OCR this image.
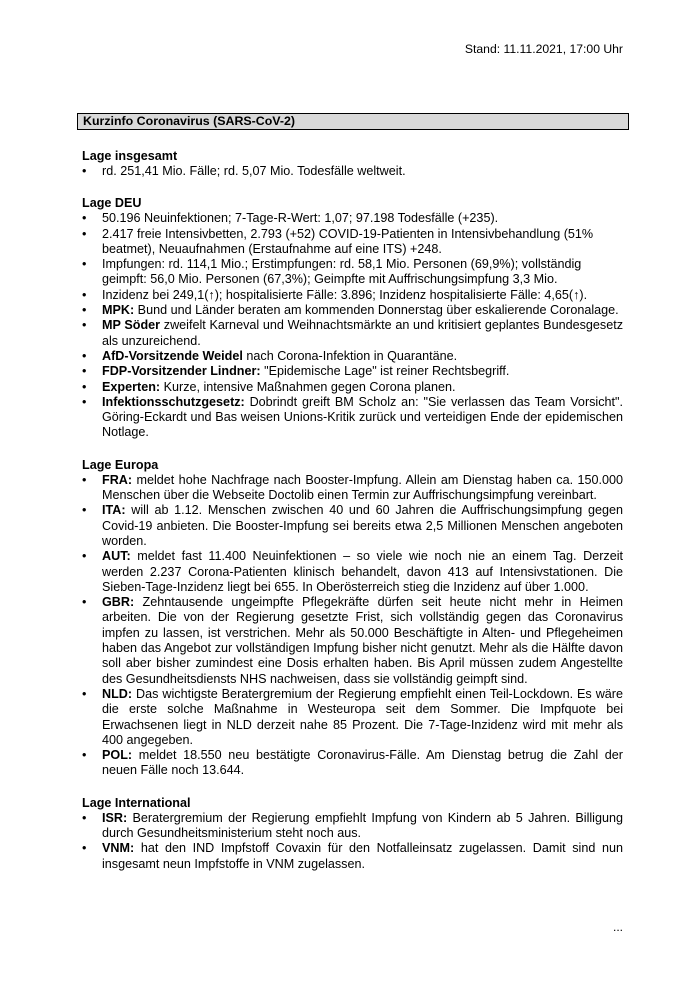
Stand: 11.11.2021, 17:00 Uhr
Kurzinfo Coronavirus (SARS-CoV-2)
Lage insgesamt
• rd. 251,41 Mio. Fälle; rd. 5,07 Mio. Todesfälle weltweit.
Lage DEU
• 50.196 Neuinfektionen; 7-Tage-R-Wert: 1,07; 97.198 Todesfälle (+235).
• 2.417 freie Intensivbetten, 2.793 (+52) COVID-19-Patienten in Intensivbehandlung (51% beatmet), Neuaufnahmen (Erstaufnahme auf eine ITS) +248.
• Impfungen: rd. 114,1 Mio.; Erstimpfungen: rd. 58,1 Mio. Personen (69,9%); vollständig geimpft: 56,0 Mio. Personen (67,3%); Geimpfte mit Auffrischungsimpfung 3,3 Mio.
• Inzidenz bei 249,1(↑); hospitalisierte Fälle: 3.896; Inzidenz hospitalisierte Fälle: 4,65(↑).
• MPK: Bund und Länder beraten am kommenden Donnerstag über eskalierende Coronalage.
• MP Söder zweifelt Karneval und Weihnachtsmärkte an und kritisiert geplantes Bundesgesetz als unzureichend.
• AfD-Vorsitzende Weidel nach Corona-Infektion in Quarantäne.
• FDP-Vorsitzender Lindner: "Epidemische Lage" ist reiner Rechtsbegriff.
• Experten: Kurze, intensive Maßnahmen gegen Corona planen.
• Infektionsschutzgesetz: Dobrindt greift BM Scholz an: "Sie verlassen das Team Vorsicht". Göring-Eckardt und Bas weisen Unions-Kritik zurück und verteidigen Ende der epidemischen Notlage.
Lage Europa
• FRA: meldet hohe Nachfrage nach Booster-Impfung. Allein am Dienstag haben ca. 150.000 Menschen über die Webseite Doctolib einen Termin zur Auffrischungsimpfung vereinbart.
• ITA: will ab 1.12. Menschen zwischen 40 und 60 Jahren die Auffrischungsimpfung gegen Covid-19 anbieten. Die Booster-Impfung sei bereits etwa 2,5 Millionen Menschen angeboten worden.
• AUT: meldet fast 11.400 Neuinfektionen – so viele wie noch nie an einem Tag. Derzeit werden 2.237 Corona-Patienten klinisch behandelt, davon 413 auf Intensivstationen. Die Sieben-Tage-Inzidenz liegt bei 655. In Oberösterreich stieg die Inzidenz auf über 1.000.
• GBR: Zehntausende ungeimpfte Pflegekräfte dürfen seit heute nicht mehr in Heimen arbeiten. Die von der Regierung gesetzte Frist, sich vollständig gegen das Coronavirus impfen zu lassen, ist verstrichen. Mehr als 50.000 Beschäftigte in Alten- und Pflegeheimen haben das Angebot zur vollständigen Impfung bisher nicht genutzt. Mehr als die Hälfte davon soll aber bisher zumindest eine Dosis erhalten haben. Bis April müssen zudem Angestellte des Gesundheitsdiensts NHS nachweisen, dass sie vollständig geimpft sind.
• NLD: Das wichtigste Beratergremium der Regierung empfiehlt einen Teil-Lockdown. Es wäre die erste solche Maßnahme in Westeuropa seit dem Sommer. Die Impfquote bei Erwachsenen liegt in NLD derzeit nahe 85 Prozent. Die 7-Tage-Inzidenz wird mit mehr als 400 angegeben.
• POL: meldet 18.550 neu bestätigte Coronavirus-Fälle. Am Dienstag betrug die Zahl der neuen Fälle noch 13.644.
Lage International
• ISR: Beratergremium der Regierung empfiehlt Impfung von Kindern ab 5 Jahren. Billigung durch Gesundheitsministerium steht noch aus.
• VNM: hat den IND Impfstoff Covaxin für den Notfalleinsatz zugelassen. Damit sind nun insgesamt neun Impfstoffe in VNM zugelassen.
...
